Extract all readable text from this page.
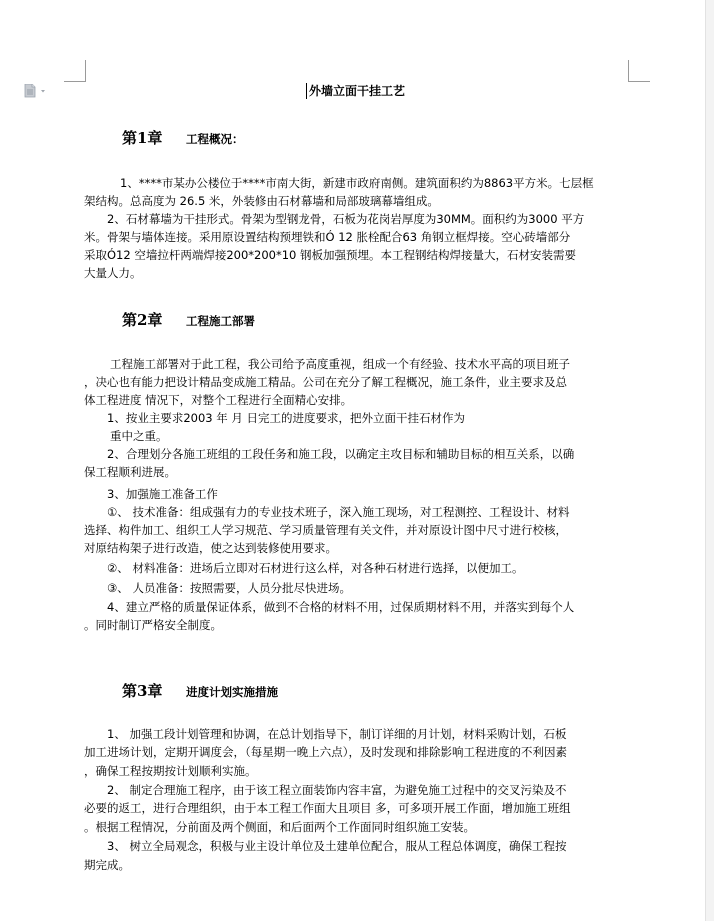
外墙立面干挂工艺
第1章 工程概况：
1、****市某办公楼位于****市南大街，新建市政府南侧。建筑面积约为8863平方米。七层框
架结构。总高度为 26.5 米，外装修由石材幕墙和局部玻璃幕墙组成。
2、石材幕墙为干挂形式。骨架为型钢龙骨，石板为花岗岩厚度为30MM。面积约为3000 平方
米。骨架与墙体连接。采用原设置结构预埋铁和Ó 12 胀栓配合63 角钢立框焊接。空心砖墙部分
采取Ó12 空墙拉杆两端焊接200*200*10 钢板加强预埋。本工程钢结构焊接量大，石材安装需要
大量人力。
第2章 工程施工部署
工程施工部署对于此工程，我公司给予高度重视，组成一个有经验、技术水平高的项目班子
，决心也有能力把设计精品变成施工精品。公司在充分了解工程概况，施工条件，业主要求及总
体工程进度 情况下，对整个工程进行全面精心安排。
1、按业主要求2003 年 月 日完工的进度要求，把外立面干挂石材作为
重中之重。
2、合理划分各施工班组的工段任务和施工段，以确定主攻目标和辅助目标的相互关系，以确
保工程顺利进展。
3、加强施工准备工作
①、 技术准备：组成强有力的专业技术班子，深入施工现场，对工程测控、工程设计、材料
选择、构件加工、组织工人学习规范、学习质量管理有关文件，并对原设计图中尺寸进行校核，
对原结构架子进行改造，使之达到装修使用要求。
②、 材料准备：进场后立即对石材进行这么样，对各种石材进行选择，以便加工。
③、 人员准备：按照需要，人员分批尽快进场。
4、建立严格的质量保证体系，做到不合格的材料不用，过保质期材料不用，并落实到每个人
。同时制订严格安全制度。
第3章 进度计划实施措施
1、 加强工段计划管理和协调，在总计划指导下，制订详细的月计划，材料采购计划，石板
加工进场计划，定期开调度会，（每星期一晚上六点），及时发现和排除影响工程进度的不利因素
，确保工程按期按计划顺利实施。
2、 制定合理施工程序，由于该工程立面装饰内容丰富，为避免施工过程中的交叉污染及不
必要的返工，进行合理组织，由于本工程工作面大且项目 多，可多项开展工作面，增加施工班组
。根据工程情况，分前面及两个侧面，和后面两个工作面同时组织施工安装。
3、 树立全局观念，积极与业主设计单位及土建单位配合，服从工程总体调度，确保工程按
期完成。
